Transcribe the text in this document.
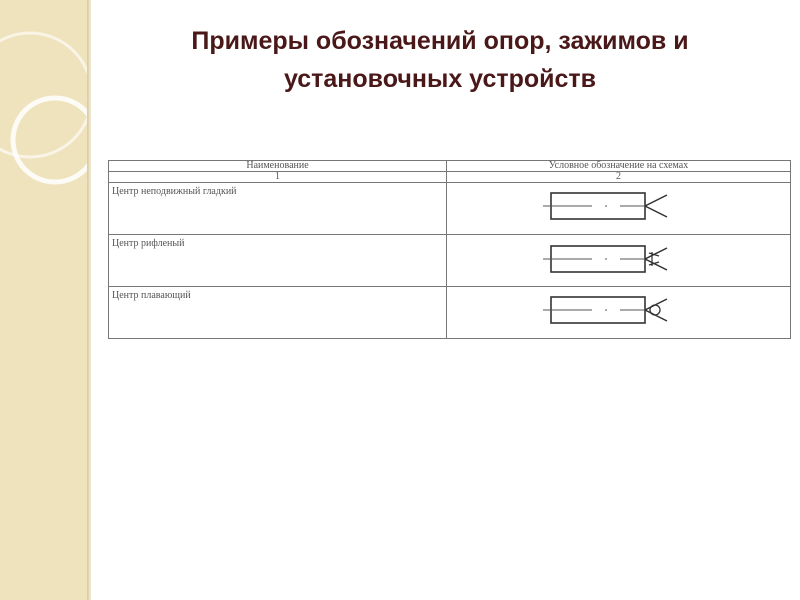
Примеры обозначений опор, зажимов и установочных устройств
Наименование	Условное обозначение на схемах
1	2
Центр неподвижный гладкий	

Центр рифленый	

Центр плавающий	
